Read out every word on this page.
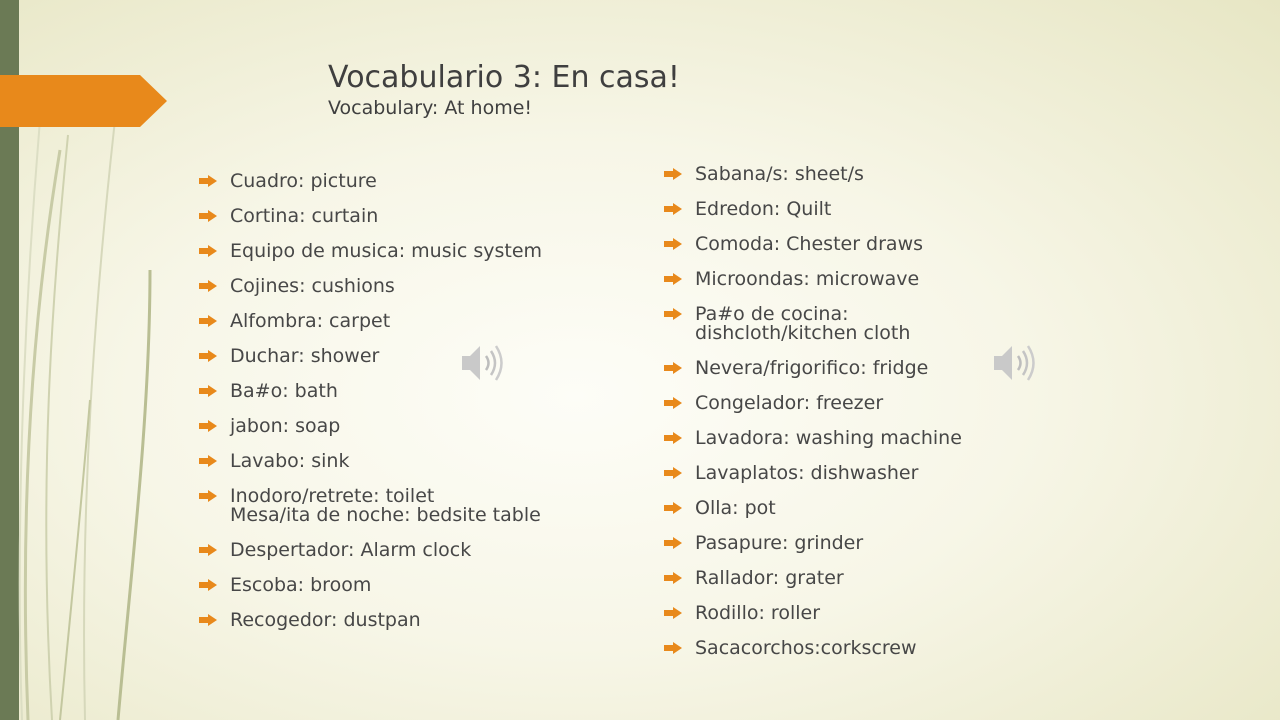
Vocabulario 3: En casa!
Vocabulary: At home!
Cuadro: picture
Cortina: curtain
Equipo de musica: music system
Cojines: cushions
Alfombra: carpet
Duchar: shower
Ba#o: bath
jabon: soap
Lavabo: sink
Inodoro/retrete: toilet
Mesa/ita de noche: bedsite table
Despertador: Alarm clock
Escoba: broom
Recogedor: dustpan
Sabana/s: sheet/s
Edredon: Quilt
Comoda: Chester draws
Microondas: microwave
Pa#o de cocina:
dishcloth/kitchen cloth
Nevera/frigorifico: fridge
Congelador: freezer
Lavadora: washing machine
Lavaplatos: dishwasher
Olla: pot
Pasapure: grinder
Rallador: grater
Rodillo: roller
Sacacorchos:corkscrew
